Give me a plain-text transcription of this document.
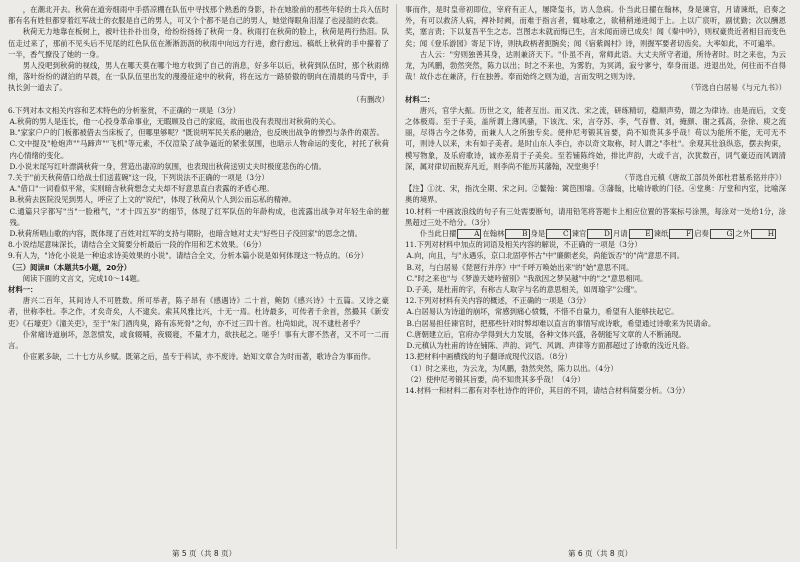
，在潮北开去。秋荷在道旁细雨中手搭凉棚在队伍中寻找那个熟悉的身影，扑在她脸前的那些年轻的士兵入伍时都有名有姓但都穿着红军战士的衣服是自己的男人，可又个个都不是自己的男人，她觉得眼角泪湿了也浸湿的衣裳。

秋荷无力地靠在板树上，被叶往扑扑出身，给纷纷扬扬了秋荷一身。秋雨打在秋荷的脸上，秋荷是两行热泪。队伍走过来了，那前不见头后不见尾的红色队伍在淅淅沥沥的秋雨中向远方行进，愈行愈远。稿纸上秋荷的手中攥着了一半，香气撩没了她的一身。

男人没吧到秋荷的视线，男人在哪天莫在哪个地方收到了自己的消息，好多年以后，秋荷到队伍时，那个秋雨绵绵，落叶纷纷的湖泊的早晨，在一队队伍里出发的漫漫征途中的秋荷，将在远方一路骄傲的朝向在清晨的马背中，手执长剑一道去了。

（有删改）

6.下列对本文相关内容和艺术特色的分析鉴赏，不正确的一项是（3分）

A.秋荷的男人是连长，他一心投身革命事业，无暇顾及自己的家庭，故而也没有表现出对秋荷的关心。

B."家家户户的门板都被借去当床板了，但哪里够呢？"既说明军民关系的融洽，也反映出战争的惨烈与条件的艰苦。

C.文中提及"枪炮声""马蹄声""飞机"等元素，不仅渲染了战争逼近的紧张氛围，也暗示人物命运的变化，衬托了秋荷内心情绪的变化。

D.小说末尾写红叶漂满秋荷一身，营造出凄凉的氛围，也表现出秋荷送别丈夫时极度悲伤的心情。

7.关于"前天秋荷借口给战士们送蓝碗"这一段，下列说法不正确的一项是（3分）

A."借口"一词看似平常，实则暗含秋荷想念丈夫却不好意思直白表露的矛盾心理。

B.秋荷去医院没见到男人，呼应了上文的"说纪"，体现了秋荷从个人到公而忘私的精神。

C.通篇只字都写"当"一脸稚气，"才十四五岁"的细节，体现了红军队伍的年龄构成，也流露出战争对年轻生命的摧残。

D.秋荷所唱山歌的内容，既体现了百姓对红军的支持与期盼，也暗含她对丈夫"好些日子没回家"的思念之情。

8.小说结尾意味深长，请结合全文简要分析最后一段的作用和艺术效果。（6分）

9.有人为，"诗化小说是一种追求诗美效果的小说"。请结合全文，分析本篇小说是如何体现这一特点的。（6分）

（三）阅读Ⅱ（本题共5小题，20分）

阅读下面的文言文，完成10～14题。

材料一：

唐兴二百年，其间诗人不可胜数。所可举者，陈子昂有《感遇诗》二十首，鲍防《感兴诗》十五篇。又诗之豪者，世称李杜。李之作，才矣奇矣，人不逮矣。索其风雅比兴，十无一焉。杜诗最多，可传者千余首，然撮其《新安吏》《石壕吏》《潼关吏》，至于"朱门酒肉臭，路有冻死骨"之句，亦不过三四十首。杜尚如此，况不逮杜者乎？

仆常痛诗道崩坏，忽忽愤发，或食辍哺，夜辍寝，不量才力，欲扶起之。嗟乎！事有大谬不然者，又不可一二而言。

仆宦累多缺，二十七方从乡赋。既第之后，虽专于科试，亦不废诗。始知文章合为时而著，歌诗合为事而作。

事而作，是时皇帝初即位，宰府有正人，屡降玺书，访人急病。仆当此日擢在翰林，身是谏官，月请谏纸，启奏之外，有可以救济人病，裨补时阙，而难于指言者，辄咏歌之，欲稍稍递进闻于上。上以广宸听，副忧勤；次以酬恩奖，塞言责；下以复吾平生之志。岂图志未就而悔已生，言未闻而谤已成矣！闻《秦中吟》，则权豪贵近者相目而变色矣；闻《登乐游园》寄足下诗，则执政柄者扼腕矣；闻《宿紫阁村》诗，则握军要者切齿矣。大率如此，不可遍举。

古人云："穷则独善其身，达则兼济天下。"仆虽不肖，常师此语。大丈夫所守者道，所待者时。时之来也，为云龙，为风鹏，勃然突然，陈力以出；时之不来也，为雾豹，为冥鸿，寂兮寥兮，奉身而退。进退出处，何往而不自得哉！故仆志在兼济，行在独善。奉而始终之则为道，言而发明之则为诗。

（节选自白居易《与元九书》）

材料二：

唐兴，官学大振。历世之文，能者互出。而又沈、宋之流，研练精切，稳顺声势，谓之为律诗。由是而后，文变之体极焉。至于子美，盖所谓上薄风骚，下该沈、宋，言夺苏、李，气吞曹、刘，掩颜、谢之孤高，杂徐、庾之流丽，尽得古今之体势，而兼人人之所独专矣。使仲尼考锻其旨要，尚不知贵其多乎哉！苟以为能所不能，无可无不可，则诗人以来，未有如子美者。是时山东人李白，亦以奇文取称，时人谓之"李杜"。余观其壮浪纵恣，摆去拘束，模写物象，及乐府歌诗，诚亦差肩于子美矣。至若铺陈终始，排比声韵，大或千言，次犹数百，词气豪迈而风调清深，属对律切而脱弃凡近，则李尚不能历其藩翰，况堂奥乎！

（节选自元稹《唐故工部员外郎杜君墓系铭并序》）

【注】①沈、宋，指沈全期、宋之问。②鳌翰：篱笆围墙。③藩翰，比喻诗歌的门径。④堂奥：厅堂和内室，比喻深奥的境界。

10.材料一中画波浪线的句子有三处需要断句，请用铅笔将答题卡上相应位置的答案标号涂黑，每涂对一处给1分，涂黑超过三处不给分。（3分）

仆当此日擢 A 在翰林 B 身是 C 谏官 D 月请 E 谏纸 F 启奏 G 之外 H

11.下列对材料中加点的词语及相关内容的解说，不正确的一项是（3分）

A.向，向且，与"永遇乐，京口北固亭怀古"中"廉颇老矣，尚能饭否"的"尚"意思不同。

B.对，与白居易《琵琶行并序》中"千呼万唤始出来"的"始"意思不同。

C."时之来也"与《梦游天姥吟留别》"我欲因之梦吴越"中的"之"意思相同。

D.子美，是杜甫的字，有称古人取字与名的意思相关，如周瑜字"公瑾"。

12.下列对材料有关内容的概述，不正确的一项是（3分）

A.白居易认为诗道的崩坏，常感到痛心愤慨，不惜不自量力，希望有人能够扶起它。

B.白居易担任谏官时，把那些针对时弊却难以直言的事情写成诗歌，希望通过诗歌来为民请命。

C.唐朝建立后，官府办学得到大力发展，各种文体兴盛，各朝能写文章的人不断涌现。

D.元稹认为杜甫的诗在铺陈、声韵、词气、风调、声律等方面都超过了诗歌的浅近凡俗。

13.把材料中画横线的句子翻译成现代汉语。（8分）

（1）时之来也，为云龙，为风鹏，勃然突然，陈力以出。（4分）

（2）使仲尼考锻其旨要，尚不知贵其多乎哉！（4分）

14.材料一和材料二都有对李杜诗作的评价，其目的不同，请结合材料简要分析。（3分）

第 5 页（共 8 页）	第 6 页（共 8 页）
